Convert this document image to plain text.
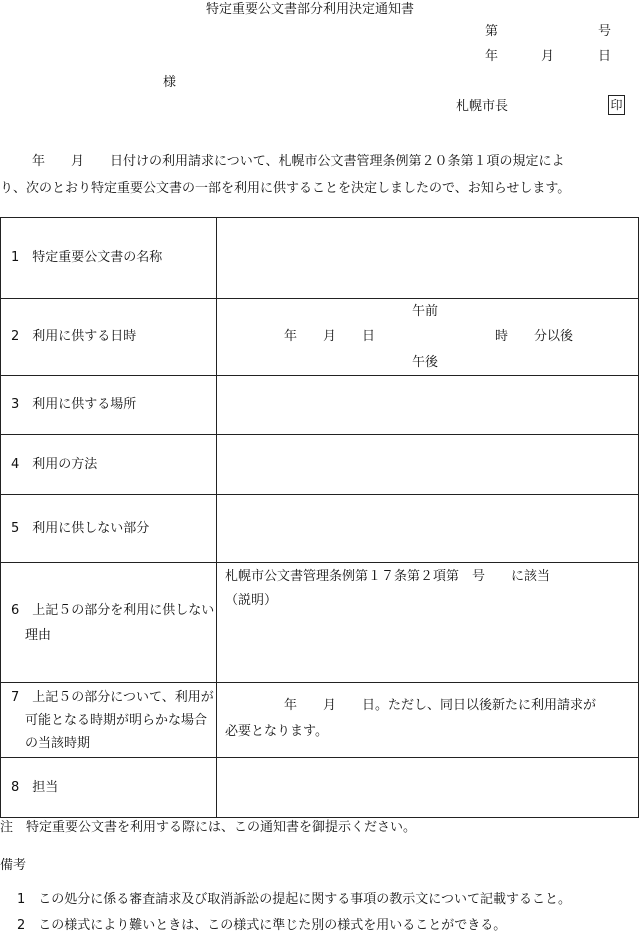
特定重要公文書部分利用決定通知書
第	号
年	月	日
様
札幌市長	印
年　　月　　日付けの利用請求について、札幌市公文書管理条例第２０条第１項の規定によ
り、次のとおり特定重要公文書の一部を利用に供することを決定しましたので、お知らせします。
1　特定重要公文書の名称	

2　利用に供する日時	午前
年　　月　　日 時　　分以後
午後

3　利用に供する場所	

4　利用の方法	

5　利用に供しない部分	

6　上記５の部分を利用に供しない理由	札幌市公文書管理条例第１７条第２項第　号　　に該当
（説明）

7　上記５の部分について、利用が可能となる時期が明らかな場合の当該時期	年　　月　　日。ただし、同日以後新たに利用請求が
必要となります。

8　担当	

注　特定重要公文書を利用する際には、この通知書を御提示ください。
備考
1　この処分に係る審査請求及び取消訴訟の提起に関する事項の教示文について記載すること。
2　この様式により難いときは、この様式に準じた別の様式を用いることができる。
